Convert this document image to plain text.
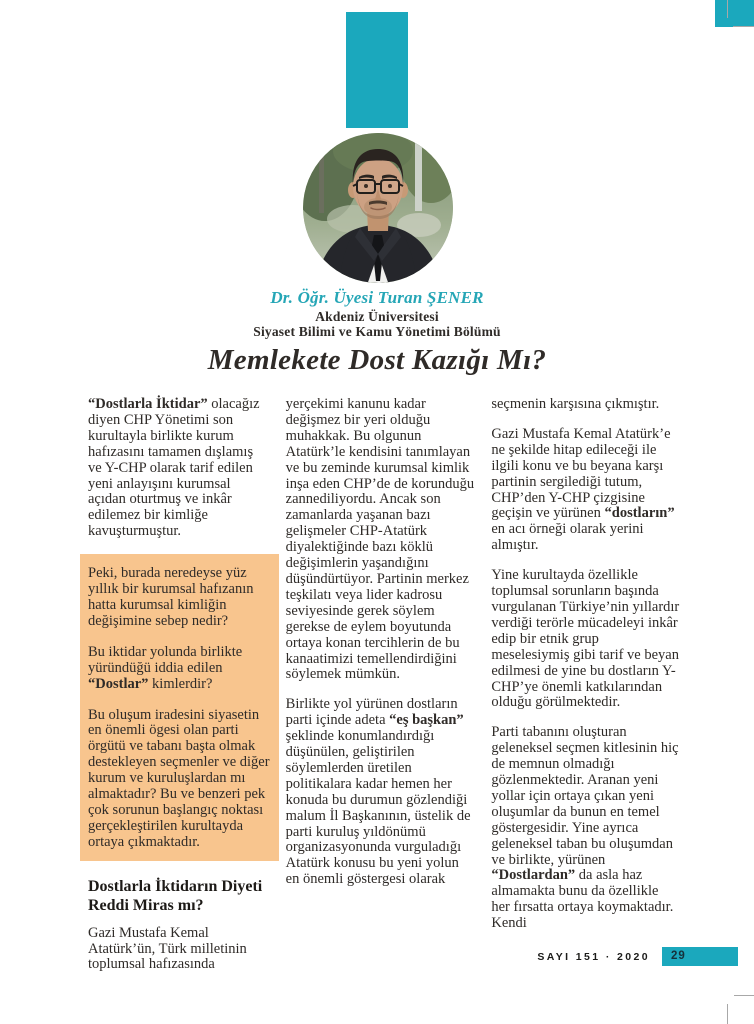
Dr. Öğr. Üyesi Turan ŞENER
Akdeniz Üniversitesi
Siyaset Bilimi ve Kamu Yönetimi Bölümü
Memlekete Dost Kazığı Mı?

“Dostlarla İktidar” olacağız diyen CHP Yönetimi son kurultayla birlikte kurum hafızasını tamamen dışlamış ve Y-CHP olarak tarif edilen yeni anlayışını kurumsal açıdan oturtmuş ve inkâr edilemez bir kimliğe kavuşturmuştur.

Peki, burada neredeyse yüz yıllık bir kurumsal hafızanın hatta kurumsal kimliğin değişimine sebep nedir?

Bu iktidar yolunda birlikte yüründüğü iddia edilen “Dostlar” kimlerdir?

Bu oluşum iradesini siyasetin en önemli ögesi olan parti örgütü ve tabanı başta olmak destekleyen seçmenler ve diğer kurum ve kuruluşlardan mı almaktadır? Bu ve benzeri pek çok sorunun başlangıç noktası gerçekleştirilen kurultayda ortaya çıkmaktadır.

Dostlarla İktidarın Diyeti Reddi Miras mı?

Gazi Mustafa Kemal Atatürk’ün, Türk milletinin toplumsal hafızasında

yerçekimi kanunu kadar değişmez bir yeri olduğu muhakkak. Bu olgunun Atatürk’le kendisini tanımlayan ve bu zeminde kurumsal kimlik inşa eden CHP’de de korunduğu zannediliyordu. Ancak son zamanlarda yaşanan bazı gelişmeler CHP-Atatürk diyalektiğinde bazı köklü değişimlerin yaşandığını düşündürtüyor. Partinin merkez teşkilatı veya lider kadrosu seviyesinde gerek söylem gerekse de eylem boyutunda ortaya konan tercihlerin de bu kanaatimizi temellendirdiğini söylemek mümkün.

Birlikte yol yürünen dostların parti içinde adeta “eş başkan” şeklinde konumlandırdığı düşünülen, geliştirilen söylemlerden üretilen politikalara kadar hemen her konuda bu durumun gözlendiği malum İl Başkanının, üstelik de parti kuruluş yıldönümü organizasyonunda vurguladığı Atatürk konusu bu yeni yolun en önemli göstergesi olarak

seçmenin karşısına çıkmıştır.

Gazi Mustafa Kemal Atatürk’e ne şekilde hitap edileceği ile ilgili konu ve bu beyana karşı partinin sergilediği tutum, CHP’den Y-CHP çizgisine geçişin ve yürünen “dostların” en acı örneği olarak yerini almıştır.

Yine kurultayda özellikle toplumsal sorunların başında vurgulanan Türkiye’nin yıllardır verdiği terörle mücadeleyi inkâr edip bir etnik grup meselesiymiş gibi tarif ve beyan edilmesi de yine bu dostların Y-CHP’ye önemli katkılarından olduğu görülmektedir.

Parti tabanını oluşturan geleneksel seçmen kitlesinin hiç de memnun olmadığı gözlenmektedir. Aranan yeni yollar için ortaya çıkan yeni oluşumlar da bunun en temel göstergesidir. Yine ayrıca geleneksel taban bu oluşumdan ve birlikte, yürünen “Dostlardan” da asla haz almamakta bunu da özellikle her fırsatta ortaya koymaktadır. Kendi

SAYI 151 · 2020	29
